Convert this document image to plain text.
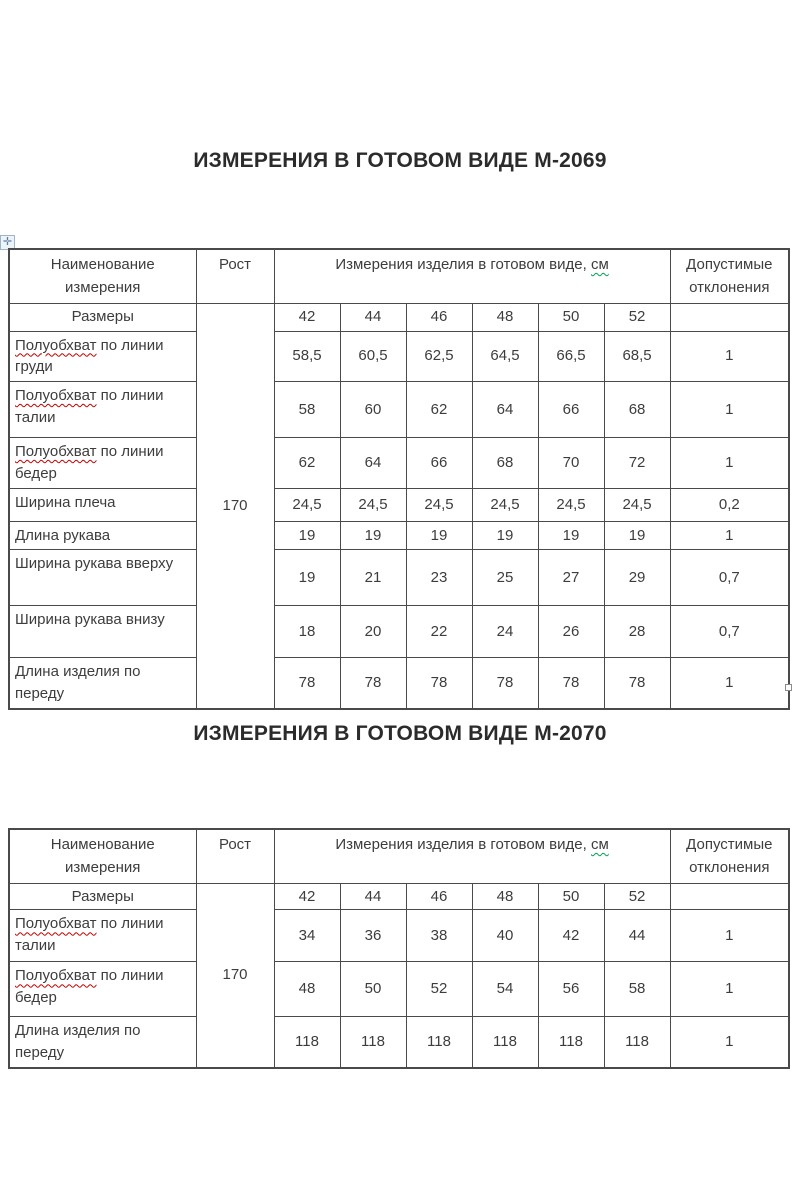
ИЗМЕРЕНИЯ В ГОТОВОМ ВИДЕ М-2069
✛
Наименование измерения	Рост	Измерения изделия в готовом виде, см						Допустимые
отклонения
Размеры	170	42	44	46	48	50	52	
Полуобхват по линии груди		58,5	60,5	62,5	64,5	66,5	68,5	1
Полуобхват по линии талии		58	60	62	64	66	68	1
Полуобхват по линии бедер		62	64	66	68	70	72	1
Ширина плеча		24,5	24,5	24,5	24,5	24,5	24,5	0,2
Длина рукава		19	19	19	19	19	19	1
Ширина рукава вверху		19	21	23	25	27	29	0,7
Ширина рукава внизу		18	20	22	24	26	28	0,7
Длина изделия по переду		78	78	78	78	78	78	1
ИЗМЕРЕНИЯ В ГОТОВОМ ВИДЕ М-2070
Наименование измерения	Рост	Измерения изделия в готовом виде, см						Допустимые
отклонения
Размеры	170	42	44	46	48	50	52	
Полуобхват по линии талии		34	36	38	40	42	44	1
Полуобхват по линии бедер		48	50	52	54	56	58	1
Длина изделия по переду		118	118	118	118	118	118	1
